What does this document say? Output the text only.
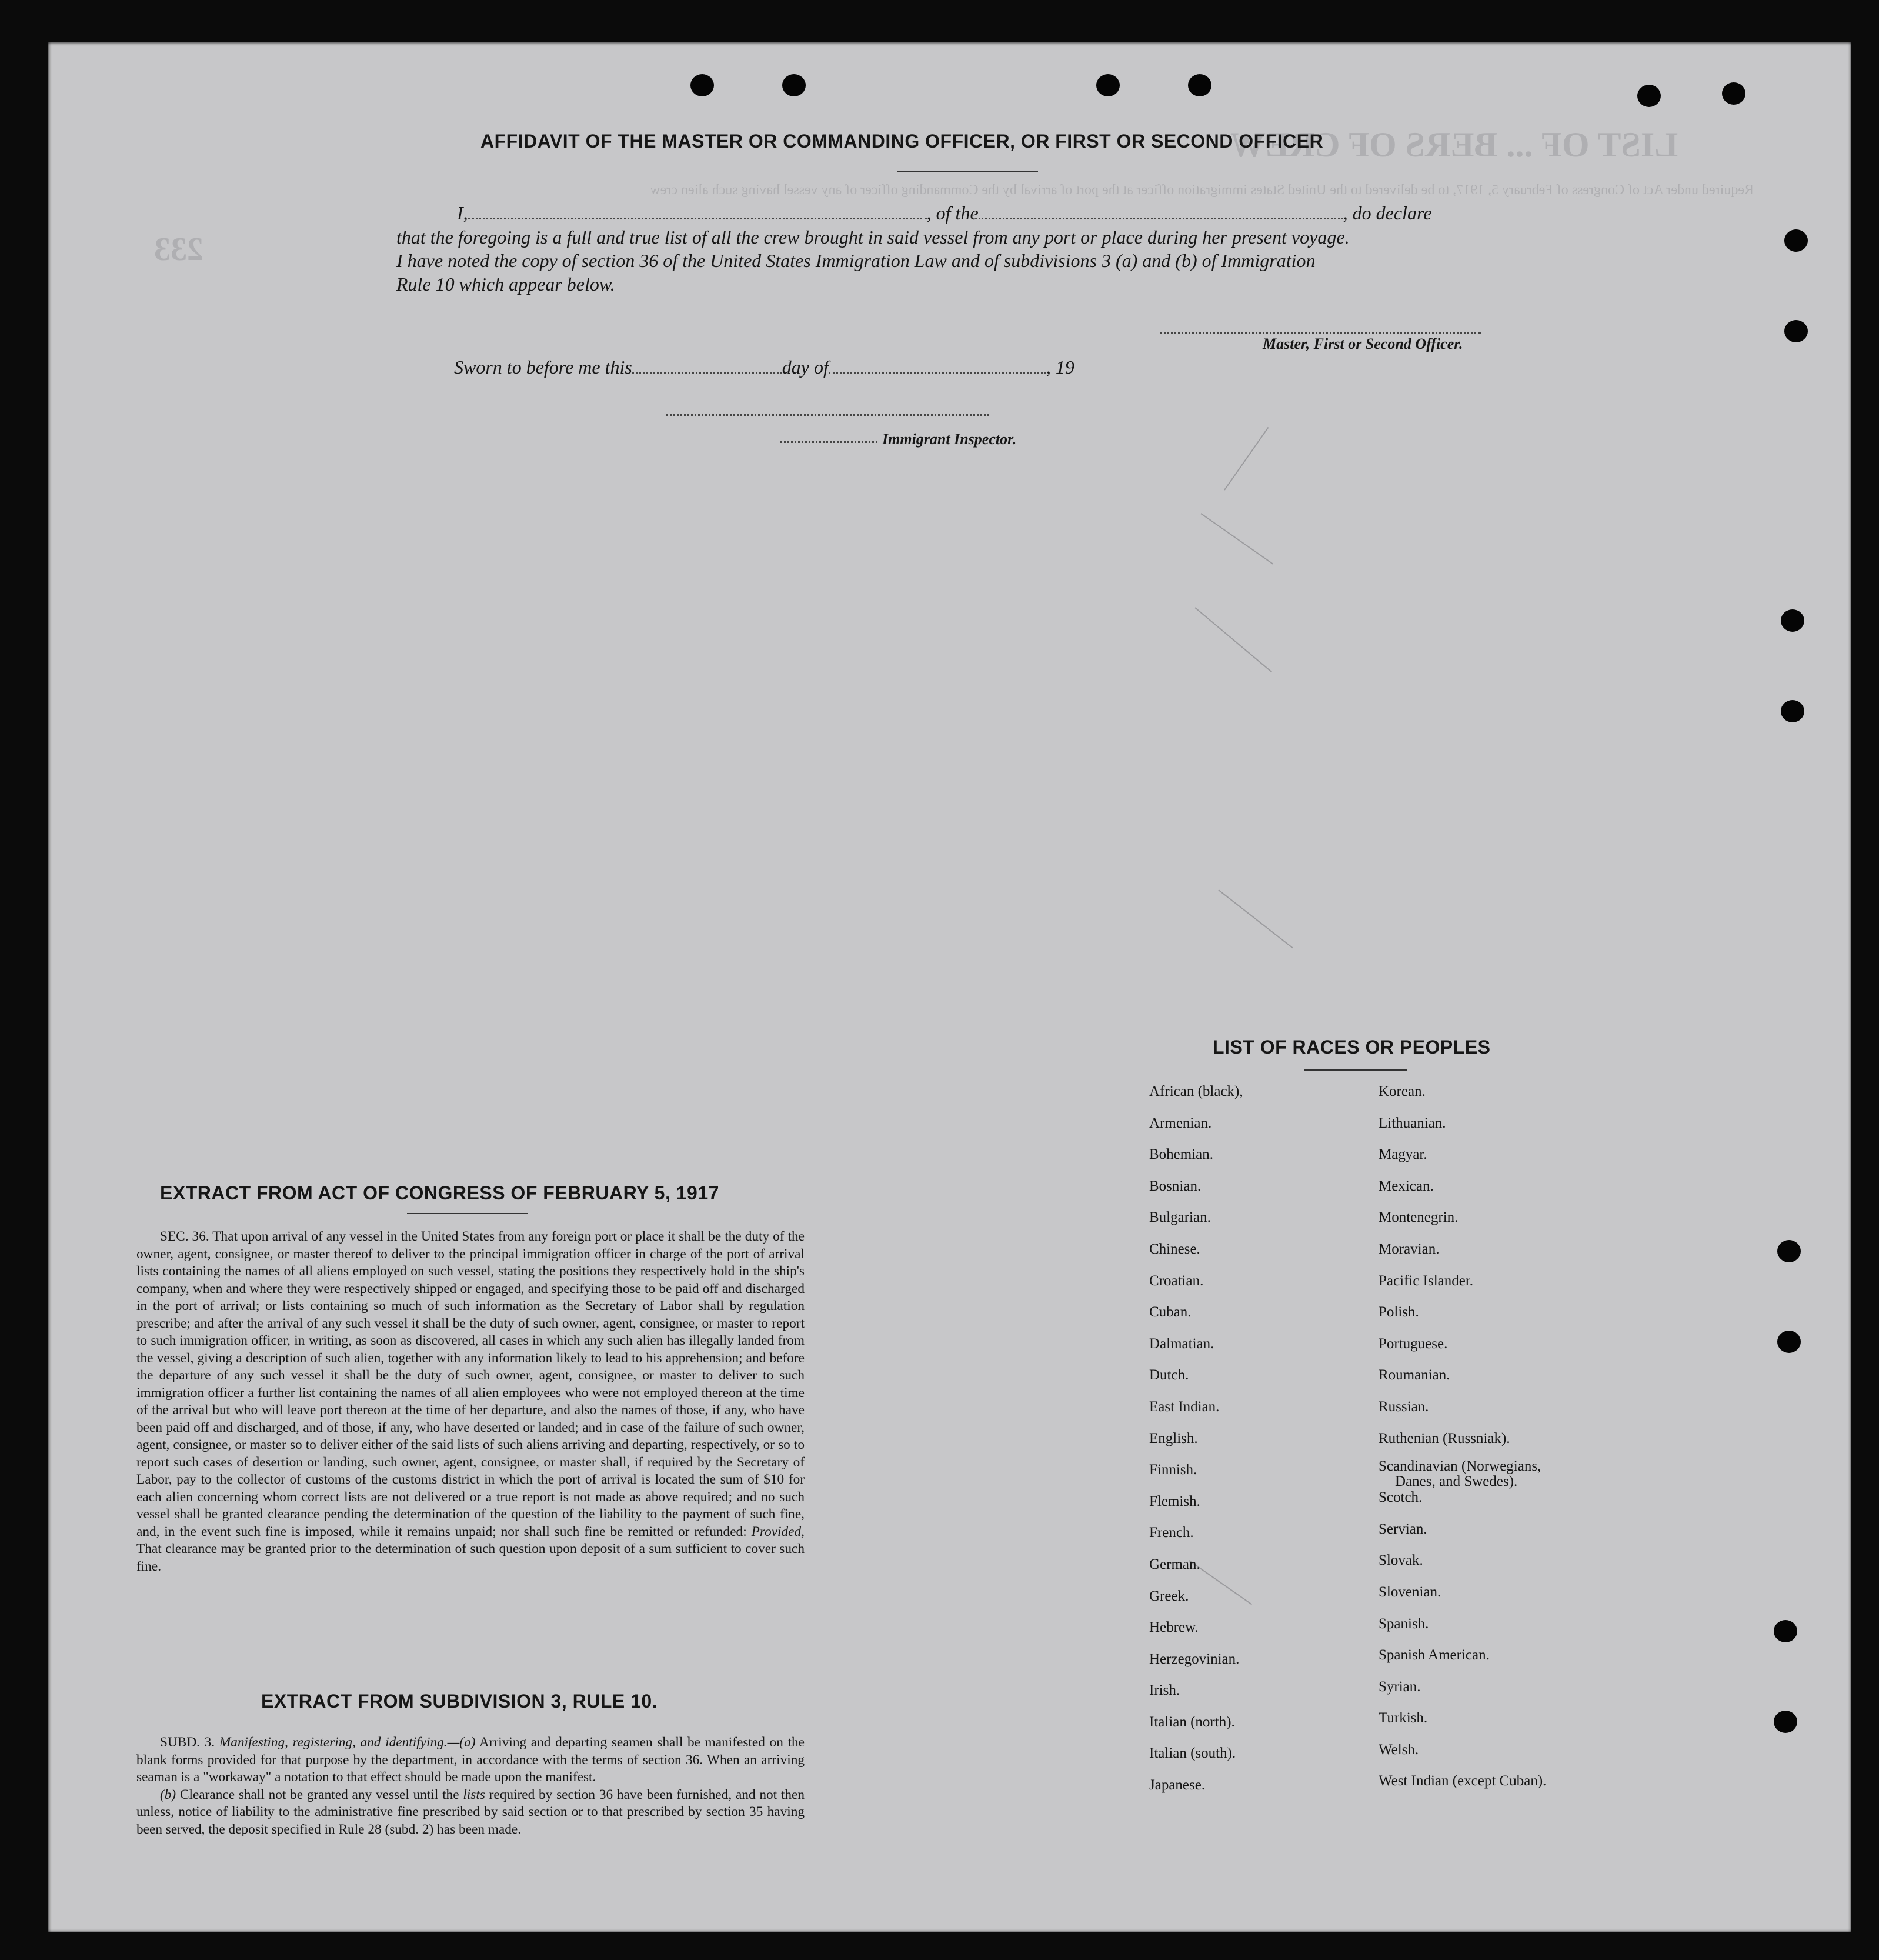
LIST OF ... BERS OF CREW
Required under Act of Congress of February 5, 1917, to be delivered to the United States immigration officer at the port of arrival by the Commanding officer of any vessel having such alien crew
233
AFFIDAVIT OF THE MASTER OR COMMANDING OFFICER, OR FIRST OR SECOND OFFICER
I,	, of the	, do declare
that the foregoing is a full and true list of all the crew brought in said vessel from any port or place during her present voyage.
I have noted the copy of section 36 of the United States Immigration Law and of subdivisions 3 (a) and (b) of Immigration
Rule 10 which appear below.
Master, First or Second Officer.
Sworn to before me this	day of	, 19
Immigrant Inspector.
LIST OF RACES OR PEOPLES
African (black),
Armenian.
Bohemian.
Bosnian.
Bulgarian.
Chinese.
Croatian.
Cuban.
Dalmatian.
Dutch.
East Indian.
English.
Finnish.
Flemish.
French.
German.
Greek.
Hebrew.
Herzegovinian.
Irish.
Italian (north).
Italian (south).
Japanese.
Korean.
Lithuanian.
Magyar.
Mexican.
Montenegrin.
Moravian.
Pacific Islander.
Polish.
Portuguese.
Roumanian.
Russian.
Ruthenian (Russniak).
Scandinavian (Norwegians,
Danes, and Swedes).
Scotch.
Servian.
Slovak.
Slovenian.
Spanish.
Spanish American.
Syrian.
Turkish.
Welsh.
West Indian (except Cuban).
EXTRACT FROM ACT OF CONGRESS OF FEBRUARY 5, 1917

SEC. 36. That upon arrival of any vessel in the United States from any foreign port or place it shall be the duty of the owner, agent, consignee, or master thereof to deliver to the principal immigration officer in charge of the port of arrival lists containing the names of all aliens employed on such vessel, stating the positions they respectively hold in the ship's company, when and where they were respectively shipped or engaged, and specifying those to be paid off and discharged in the port of arrival; or lists containing so much of such information as the Secretary of Labor shall by regulation prescribe; and after the arrival of any such vessel it shall be the duty of such owner, agent, consignee, or master to report to such immigration officer, in writing, as soon as discovered, all cases in which any such alien has illegally landed from the vessel, giving a description of such alien, together with any information likely to lead to his apprehension; and before the departure of any such vessel it shall be the duty of such owner, agent, consignee, or master to deliver to such immigration officer a further list containing the names of all alien employees who were not employed thereon at the time of the arrival but who will leave port thereon at the time of her departure, and also the names of those, if any, who have been paid off and discharged, and of those, if any, who have deserted or landed; and in case of the failure of such owner, agent, consignee, or master so to deliver either of the said lists of such aliens arriving and departing, respectively, or so to report such cases of desertion or landing, such owner, agent, consignee, or master shall, if required by the Secretary of Labor, pay to the collector of customs of the customs district in which the port of arrival is located the sum of $10 for each alien concerning whom correct lists are not delivered or a true report is not made as above required; and no such vessel shall be granted clearance pending the determination of the question of the liability to the payment of such fine, and, in the event such fine is imposed, while it remains unpaid; nor shall such fine be remitted or refunded: Provided, That clearance may be granted prior to the determination of such question upon deposit of a sum sufficient to cover such fine.

EXTRACT FROM SUBDIVISION 3, RULE 10.

SUBD. 3. Manifesting, registering, and identifying.—(a) Arriving and departing seamen shall be manifested on the blank forms provided for that purpose by the department, in accordance with the terms of section 36. When an arriving seaman is a "workaway" a notation to that effect should be made upon the manifest.

(b) Clearance shall not be granted any vessel until the lists required by section 36 have been furnished, and not then unless, notice of liability to the administrative fine prescribed by said section or to that prescribed by section 35 having been served, the deposit specified in Rule 28 (subd. 2) has been made.
